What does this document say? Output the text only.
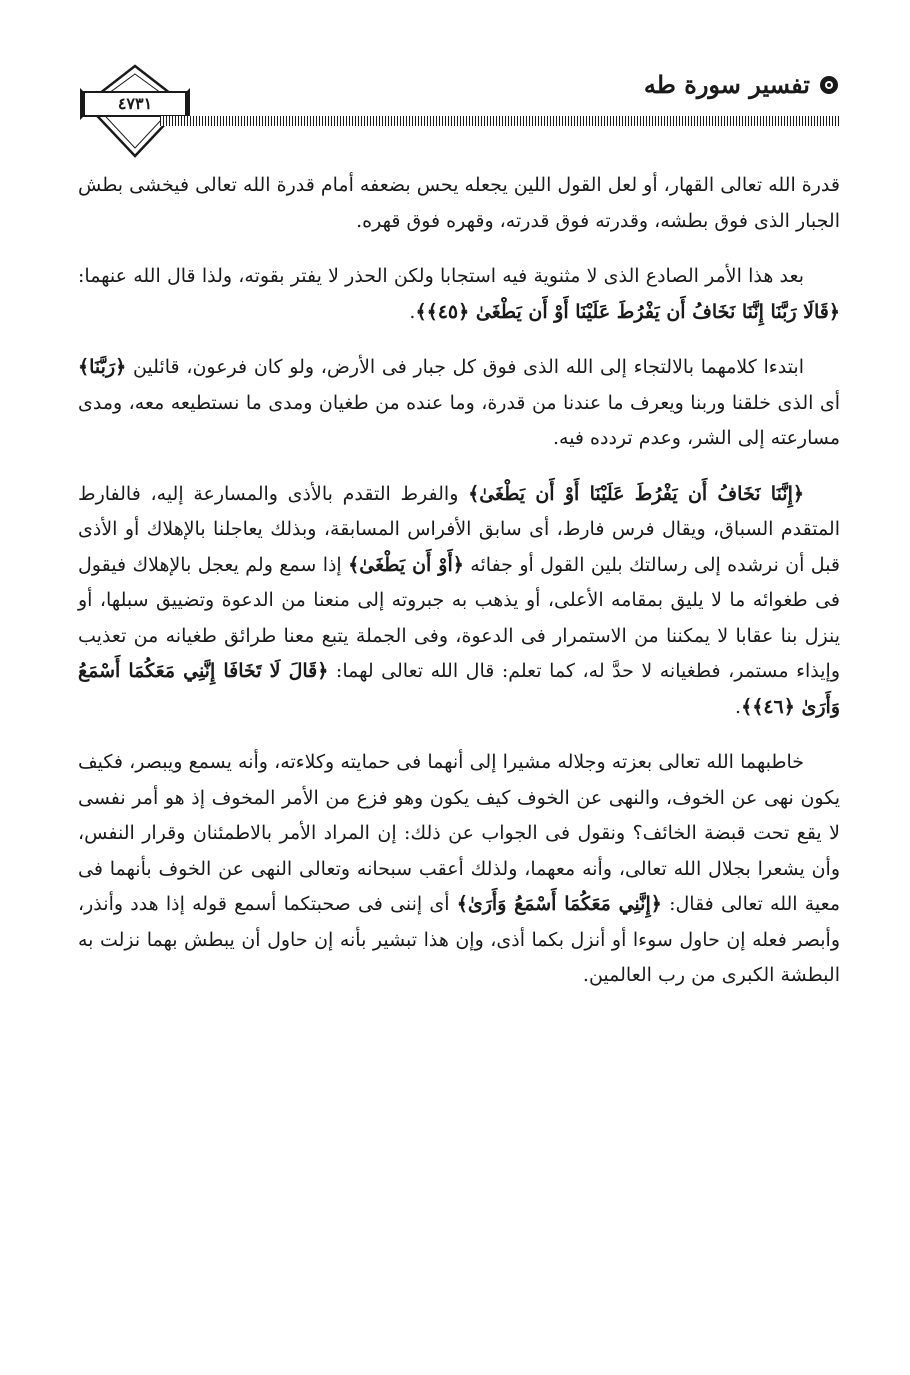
٤٧٣١
تفسير سورة طه

قدرة الله تعالى القهار، أو لعل القول اللين يجعله يحس بضعفه أمام قدرة الله تعالى فيخشى بطش الجبار الذى فوق بطشه، وقدرته فوق قدرته، وقهره فوق قهره.

بعد هذا الأمر الصادع الذى لا مثنوية فيه استجابا ولكن الحذر لا يفتر بقوته، ولذا قال الله عنهما: ﴿قَالَا رَبَّنَا إِنَّنَا نَخَافُ أَن يَفْرُطَ عَلَيْنَا أَوْ أَن يَطْغَىٰ ﴿٤٥﴾﴾.

ابتدءا كلامهما بالالتجاء إلى الله الذى فوق كل جبار فى الأرض، ولو كان فرعون، قائلين ﴿رَبَّنَا﴾ أى الذى خلقنا وربنا ويعرف ما عندنا من قدرة، وما عنده من طغيان ومدى ما نستطيعه معه، ومدى مسارعته إلى الشر، وعدم تردده فيه.

﴿إِنَّنَا نَخَافُ أَن يَفْرُطَ عَلَيْنَا أَوْ أَن يَطْغَىٰ﴾ والفرط التقدم بالأذى والمسارعة إليه، فالفارط المتقدم السباق، ويقال فرس فارط، أى سابق الأفراس المسابقة، وبذلك يعاجلنا بالإهلاك أو الأذى قبل أن نرشده إلى رسالتك بلين القول أو جفائه ﴿أَوْ أَن يَطْغَىٰ﴾ إذا سمع ولم يعجل بالإهلاك فيقول فى طغوائه ما لا يليق بمقامه الأعلى، أو يذهب به جبروته إلى منعنا من الدعوة وتضييق سبلها، أو ينزل بنا عقابا لا يمكننا من الاستمرار فى الدعوة، وفى الجملة يتبع معنا طرائق طغيانه من تعذيب وإيذاء مستمر، فطغيانه لا حدَّ له، كما تعلم: قال الله تعالى لهما: ﴿قَالَ لَا تَخَافَا إِنَّنِي مَعَكُمَا أَسْمَعُ وَأَرَىٰ ﴿٤٦﴾﴾.

خاطبهما الله تعالى بعزته وجلاله مشيرا إلى أنهما فى حمايته وكلاءته، وأنه يسمع ويبصر، فكيف يكون نهى عن الخوف، والنهى عن الخوف كيف يكون وهو فزع من الأمر المخوف إذ هو أمر نفسى لا يقع تحت قبضة الخائف؟ ونقول فى الجواب عن ذلك: إن المراد الأمر بالاطمئنان وقرار النفس، وأن يشعرا بجلال الله تعالى، وأنه معهما، ولذلك أعقب سبحانه وتعالى النهى عن الخوف بأنهما فى معية الله تعالى فقال: ﴿إِنَّنِي مَعَكُمَا أَسْمَعُ وَأَرَىٰ﴾ أى إننى فى صحبتكما أسمع قوله إذا هدد وأنذر، وأبصر فعله إن حاول سوءا أو أنزل بكما أذى، وإن هذا تبشير بأنه إن حاول أن يبطش بهما نزلت به البطشة الكبرى من رب العالمين.
